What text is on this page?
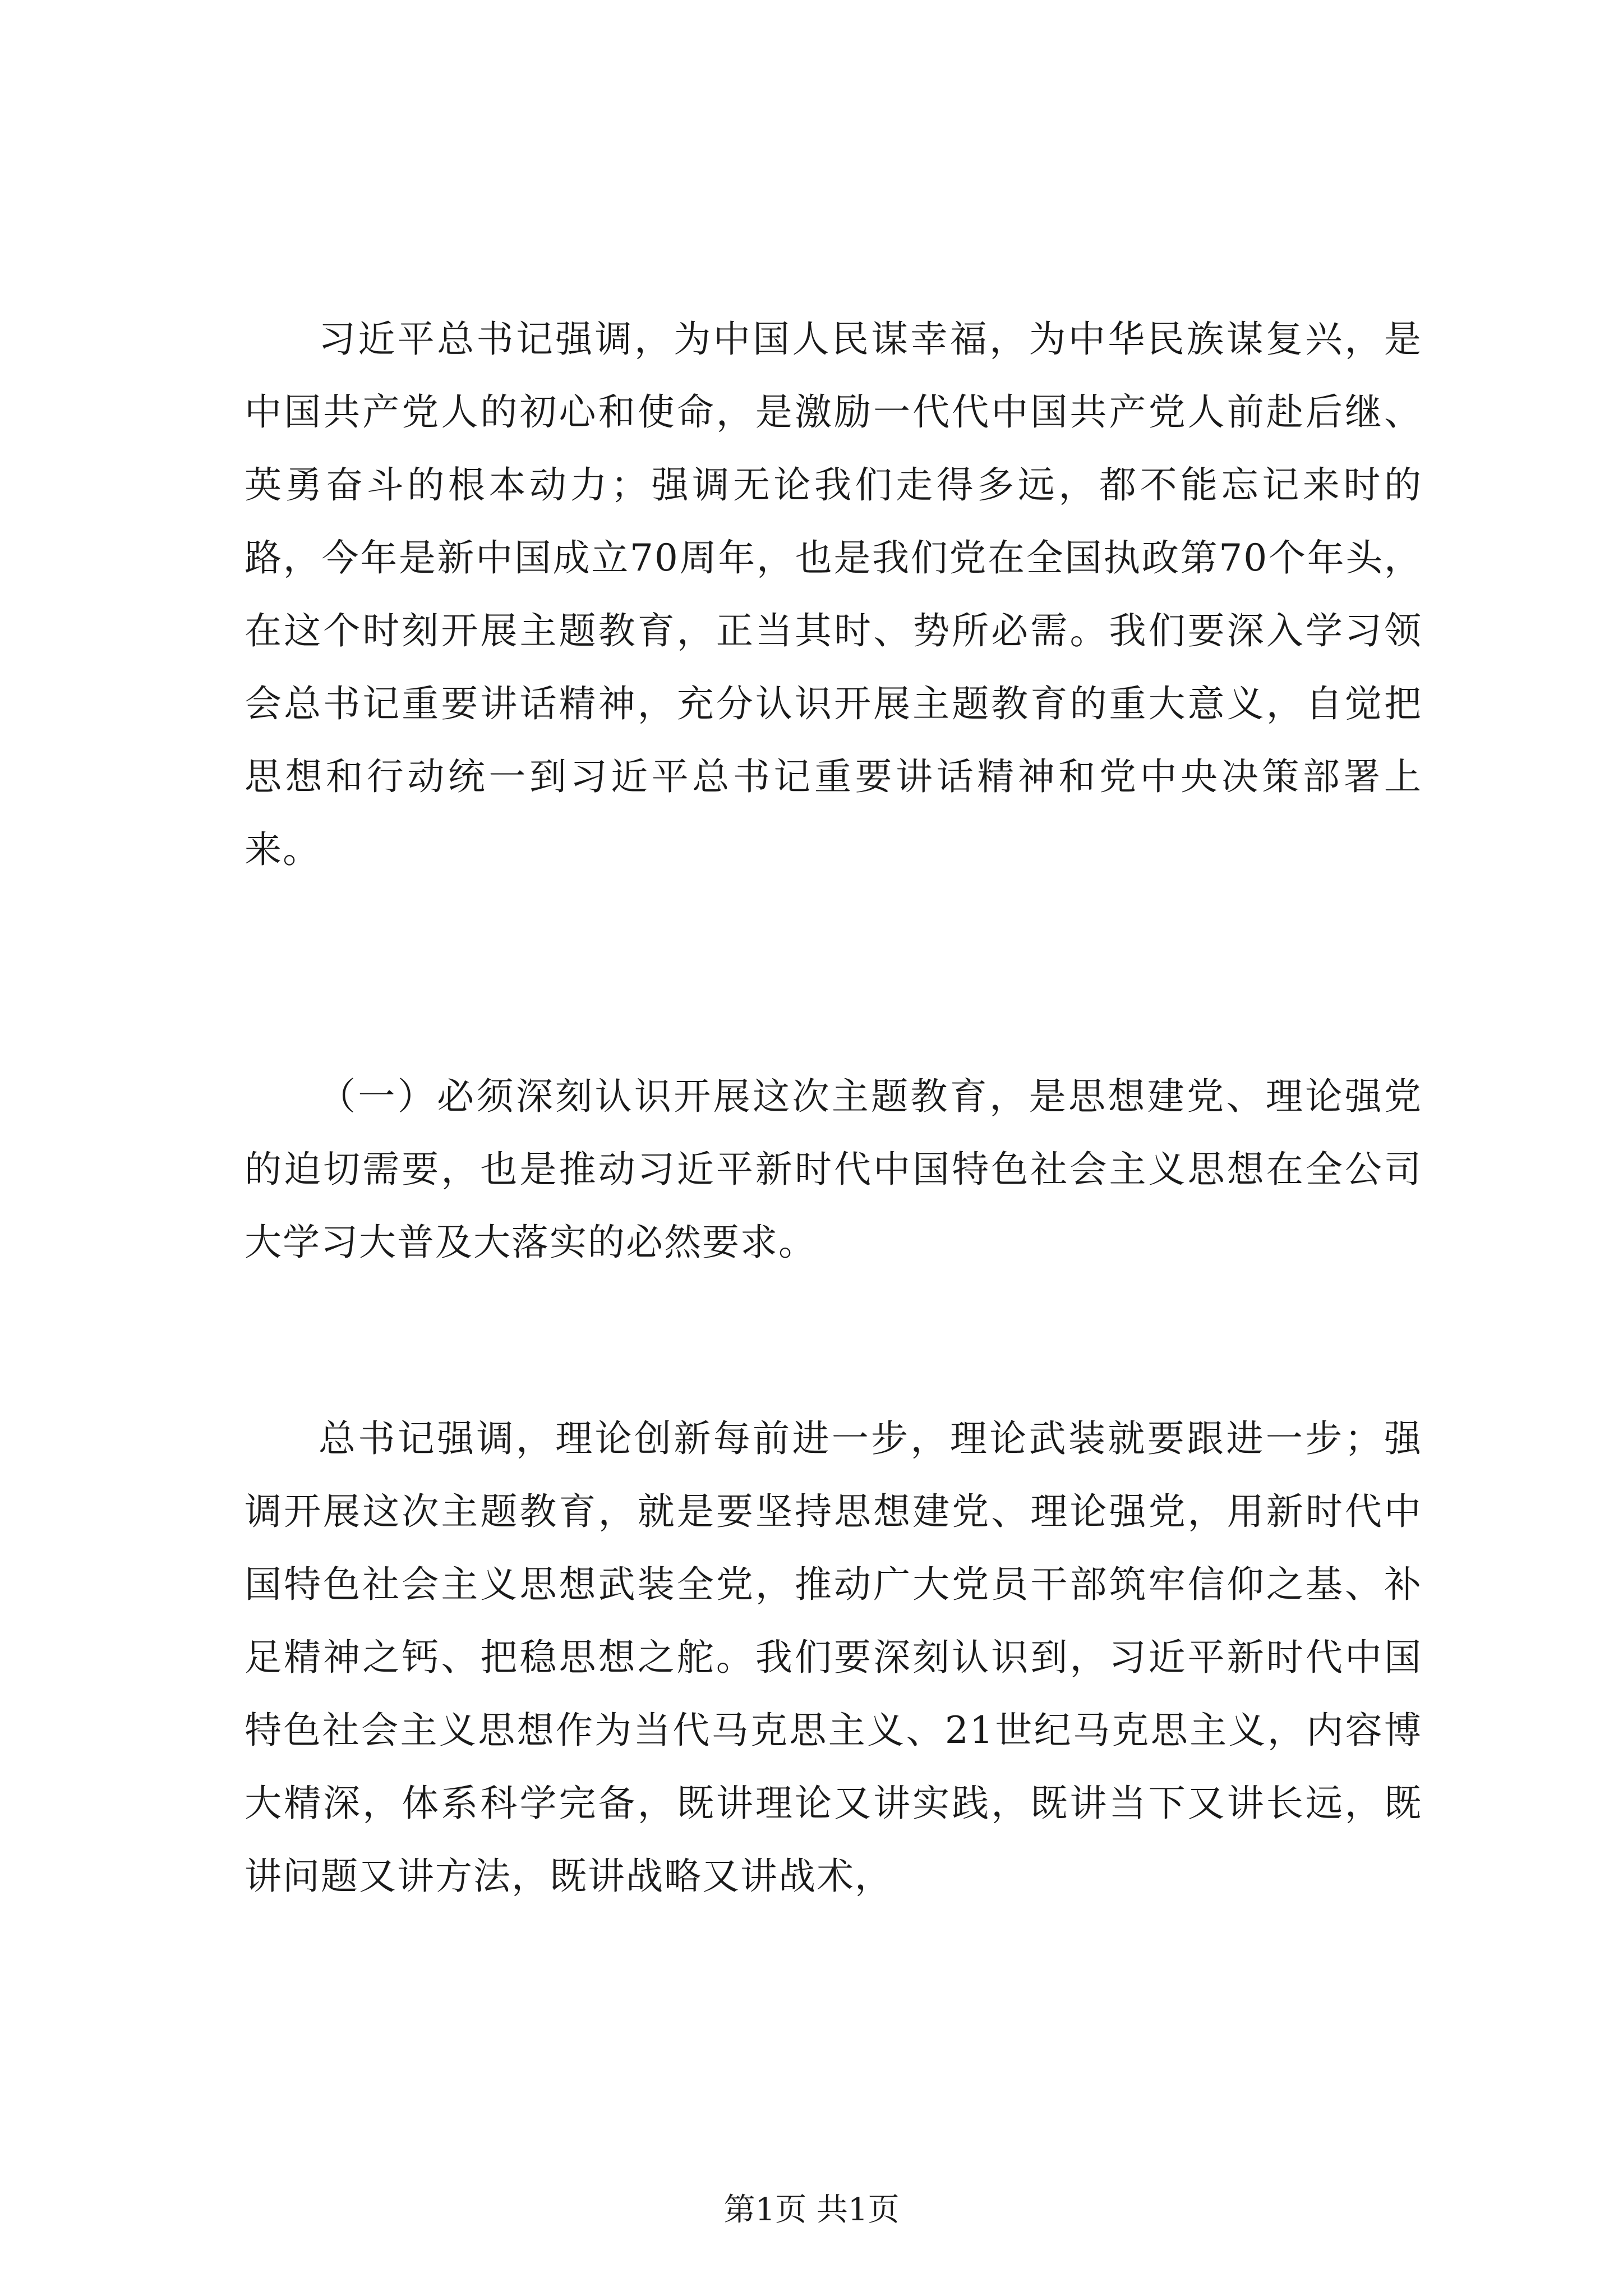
习近平总书记强调，为中国人民谋幸福，为中华民族谋复兴，是中国共产党人的初心和使命，是激励一代代中国共产党人前赴后继、英勇奋斗的根本动力；强调无论我们走得多远，都不能忘记来时的路，今年是新中国成立70周年，也是我们党在全国执政第70个年头，在这个时刻开展主题教育，正当其时、势所必需。我们要深入学习领会总书记重要讲话精神，充分认识开展主题教育的重大意义，自觉把思想和行动统一到习近平总书记重要讲话精神和党中央决策部署上来。

（一）必须深刻认识开展这次主题教育，是思想建党、理论强党的迫切需要，也是推动习近平新时代中国特色社会主义思想在全公司大学习大普及大落实的必然要求。

总书记强调，理论创新每前进一步，理论武装就要跟进一步；强调开展这次主题教育，就是要坚持思想建党、理论强党，用新时代中国特色社会主义思想武装全党，推动广大党员干部筑牢信仰之基、补足精神之钙、把稳思想之舵。我们要深刻认识到，习近平新时代中国特色社会主义思想作为当代马克思主义、21世纪马克思主义，内容博大精深，体系科学完备，既讲理论又讲实践，既讲当下又讲长远，既讲问题又讲方法，既讲战略又讲战术，

第1页 共1页
